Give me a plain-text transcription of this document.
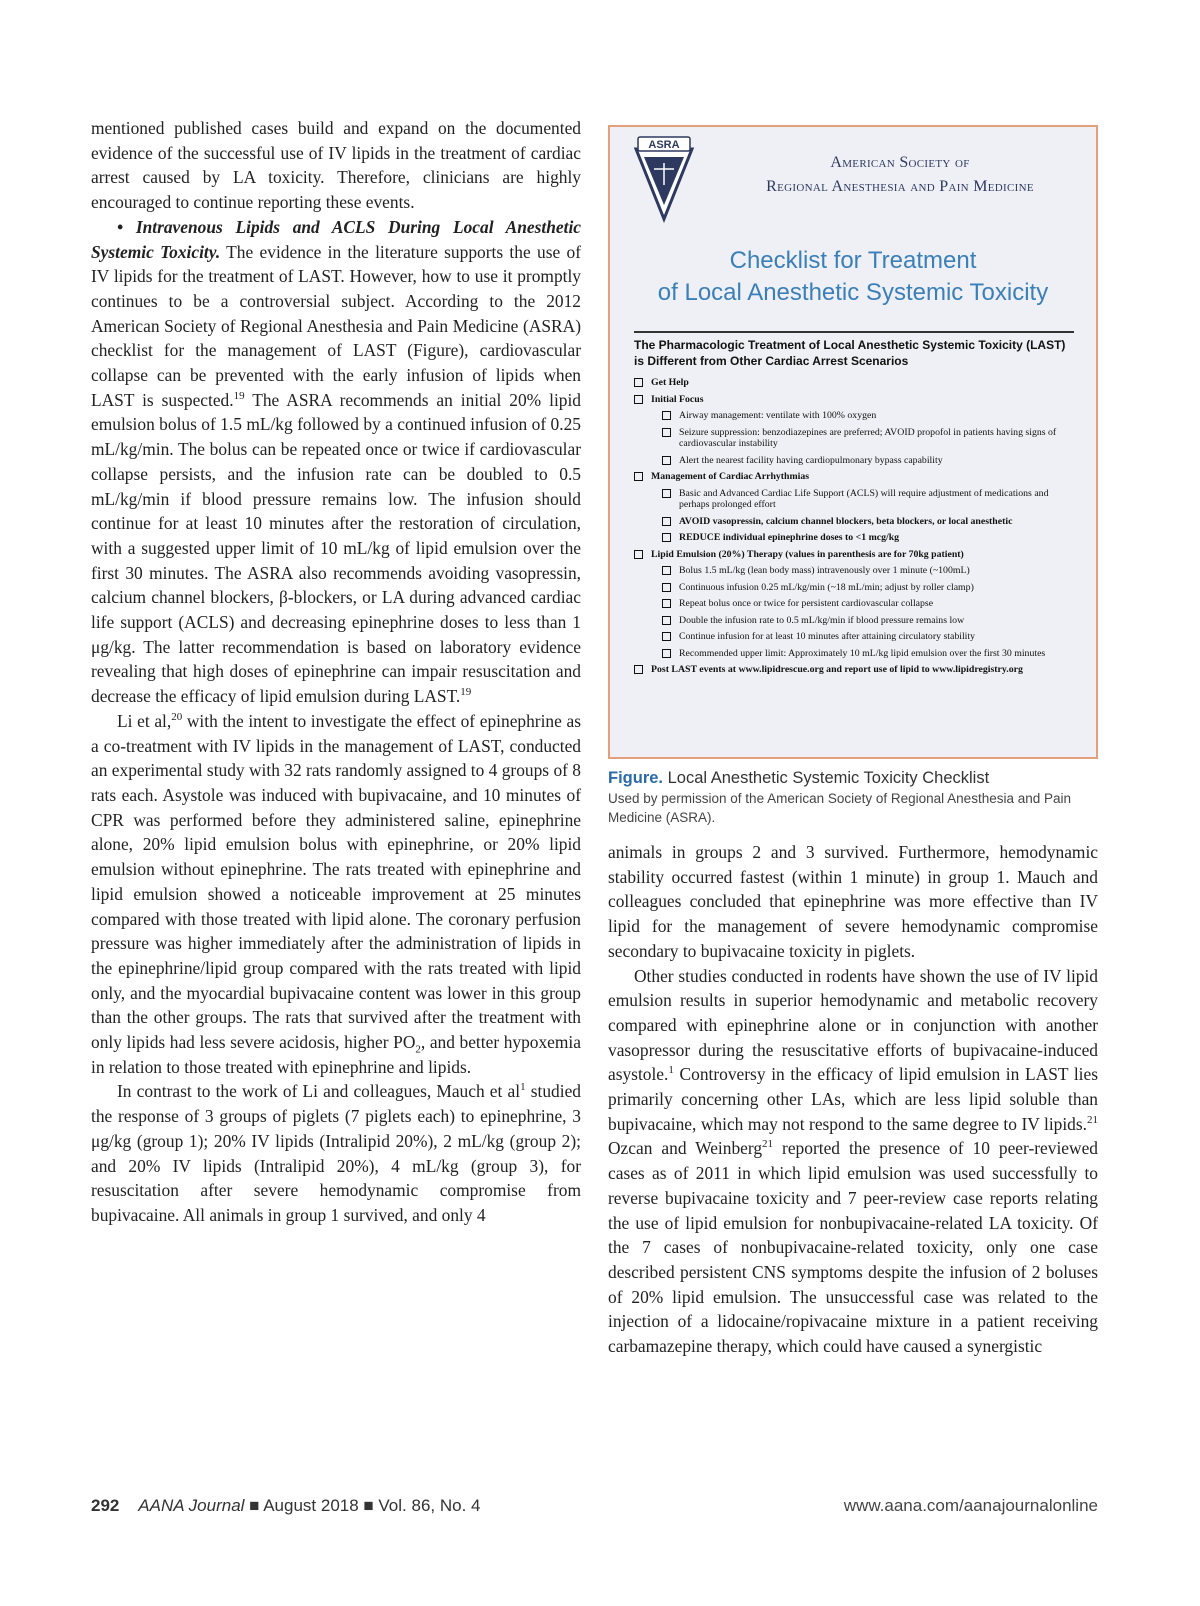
mentioned published cases build and expand on the documented evidence of the successful use of IV lipids in the treatment of cardiac arrest caused by LA toxicity. Therefore, clinicians are highly encouraged to continue reporting these events.

• Intravenous Lipids and ACLS During Local Anesthetic Systemic Toxicity. The evidence in the literature supports the use of IV lipids for the treatment of LAST. However, how to use it promptly continues to be a controversial subject. According to the 2012 American Society of Regional Anesthesia and Pain Medicine (ASRA) checklist for the management of LAST (Figure), cardiovascular collapse can be prevented with the early infusion of lipids when LAST is suspected.$^{19}$ The ASRA recommends an initial 20% lipid emulsion bolus of 1.5 mL/kg followed by a continued infusion of 0.25 mL/kg/min. The bolus can be repeated once or twice if cardiovascular collapse persists, and the infusion rate can be doubled to 0.5 mL/kg/min if blood pressure remains low. The infusion should continue for at least 10 minutes after the restoration of circulation, with a suggested upper limit of 10 mL/kg of lipid emulsion over the first 30 minutes. The ASRA also recommends avoiding vasopressin, calcium channel blockers, β-blockers, or LA during advanced cardiac life support (ACLS) and decreasing epinephrine doses to less than 1 μg/kg. The latter recommendation is based on laboratory evidence revealing that high doses of epinephrine can impair resuscitation and decrease the efficacy of lipid emulsion during LAST.$^{19}$

Li et al,$^{20}$ with the intent to investigate the effect of epinephrine as a co-treatment with IV lipids in the management of LAST, conducted an experimental study with 32 rats randomly assigned to 4 groups of 8 rats each. Asystole was induced with bupivacaine, and 10 minutes of CPR was performed before they administered saline, epinephrine alone, 20% lipid emulsion bolus with epinephrine, or 20% lipid emulsion without epinephrine. The rats treated with epinephrine and lipid emulsion showed a noticeable improvement at 25 minutes compared with those treated with lipid alone. The coronary perfusion pressure was higher immediately after the administration of lipids in the epinephrine/lipid group compared with the rats treated with lipid only, and the myocardial bupivacaine content was lower in this group than the other groups. The rats that survived after the treatment with only lipids had less severe acidosis, higher $PO_2$, and better hypoxemia in relation to those treated with epinephrine and lipids.

In contrast to the work of Li and colleagues, Mauch et $al^1$ studied the response of 3 groups of piglets (7 piglets each) to epinephrine, 3 μg/kg (group 1); 20% IV lipids (Intralipid 20%), 2 mL/kg (group 2); and 20% IV lipids (Intralipid 20%), 4 mL/kg (group 3), for resuscitation after severe hemodynamic compromise from bupivacaine. All animals in group 1 survived, and only 4

ASRA
American Society of
Regional Anesthesia and Pain Medicine
Checklist for Treatment
of Local Anesthetic Systemic Toxicity
The Pharmacologic Treatment of Local Anesthetic Systemic Toxicity (LAST) is Different from Other Cardiac Arrest Scenarios
Get Help
Initial Focus
Airway management: ventilate with 100% oxygen
Seizure suppression: benzodiazepines are preferred; AVOID propofol in patients having signs of cardiovascular instability
Alert the nearest facility having cardiopulmonary bypass capability
Management of Cardiac Arrhythmias
Basic and Advanced Cardiac Life Support (ACLS) will require adjustment of medications and perhaps prolonged effort
AVOID vasopressin, calcium channel blockers, beta blockers, or local anesthetic
REDUCE individual epinephrine doses to <1 mcg/kg
Lipid Emulsion (20%) Therapy (values in parenthesis are for 70kg patient)
Bolus 1.5 mL/kg (lean body mass) intravenously over 1 minute (~100mL)
Continuous infusion 0.25 mL/kg/min (~18 mL/min; adjust by roller clamp)
Repeat bolus once or twice for persistent cardiovascular collapse
Double the infusion rate to 0.5 mL/kg/min if blood pressure remains low
Continue infusion for at least 10 minutes after attaining circulatory stability
Recommended upper limit: Approximately 10 mL/kg lipid emulsion over the first 30 minutes
Post LAST events at www.lipidrescue.org and report use of lipid to www.lipidregistry.org
Figure. Local Anesthetic Systemic Toxicity Checklist
Used by permission of the American Society of Regional Anesthesia and Pain Medicine (ASRA).

animals in groups 2 and 3 survived. Furthermore, hemodynamic stability occurred fastest (within 1 minute) in group 1. Mauch and colleagues concluded that epinephrine was more effective than IV lipid for the management of severe hemodynamic compromise secondary to bupivacaine toxicity in piglets.

Other studies conducted in rodents have shown the use of IV lipid emulsion results in superior hemodynamic and metabolic recovery compared with epinephrine alone or in conjunction with another vasopressor during the resuscitative efforts of bupivacaine-induced asystole.$^1$ Controversy in the efficacy of lipid emulsion in LAST lies primarily concerning other LAs, which are less lipid soluble than bupivacaine, which may not respond to the same degree to IV lipids.$^{21}$ Ozcan and Weinberg$^{21}$ reported the presence of 10 peer-reviewed cases as of 2011 in which lipid emulsion was used successfully to reverse bupivacaine toxicity and 7 peer-review case reports relating the use of lipid emulsion for nonbupivacaine-related LA toxicity. Of the 7 cases of nonbupivacaine-related toxicity, only one case described persistent CNS symptoms despite the infusion of 2 boluses of 20% lipid emulsion. The unsuccessful case was related to the injection of a lidocaine/ropivacaine mixture in a patient receiving carbamazepine therapy, which could have caused a synergistic

292 AANA Journal ■ August 2018 ■ Vol. 86, No. 4	www.aana.com/aanajournalonline
